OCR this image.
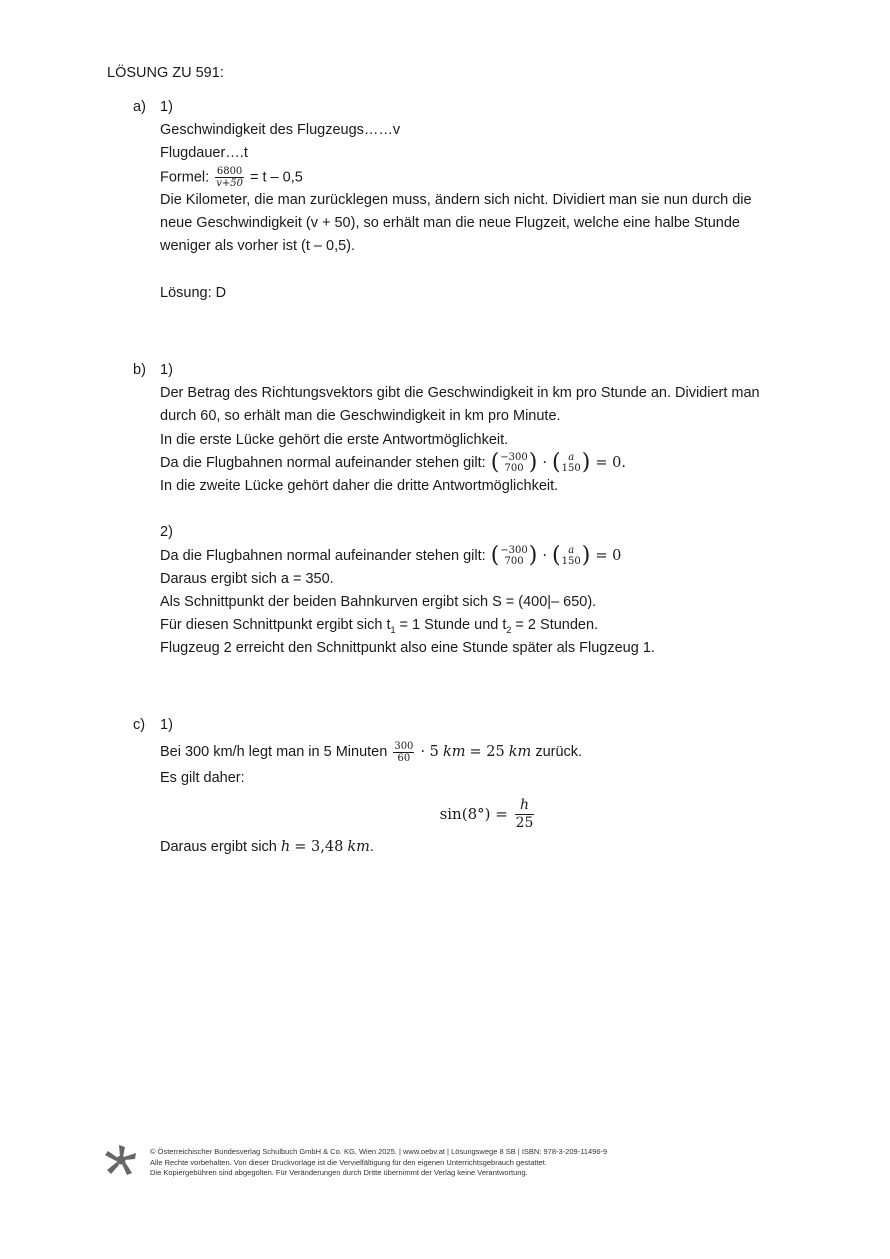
LÖSUNG ZU 591:
a) 1)
Geschwindigkeit des Flugzeugs……v
Flugdauer….t
Formel: $\frac{6800}{v+50} = t - 0,5$
Die Kilometer, die man zurücklegen muss, ändern sich nicht. Dividiert man sie nun durch die
neue Geschwindigkeit (v + 50), so erhält man die neue Flugzeit, welche eine halbe Stunde
weniger als vorher ist (t – 0,5).
Lösung: D
b) 1)
Der Betrag des Richtungsvektors gibt die Geschwindigkeit in km pro Stunde an. Dividiert man
durch 60, so erhält man die Geschwindigkeit in km pro Minute.
In die erste Lücke gehört die erste Antwortmöglichkeit.
Da die Flugbahnen normal aufeinander stehen gilt: ( −300
700 ) · ( a
150 ) = 0.
In die zweite Lücke gehört daher die dritte Antwortmöglichkeit.
2)
Da die Flugbahnen normal aufeinander stehen gilt: ( −300
700 ) · ( a
150 ) = 0
Daraus ergibt sich a = 350.
Als Schnittpunkt der beiden Bahnkurven ergibt sich S = (400|– 650).
Für diesen Schnittpunkt ergibt sich $t_1 = 1$ Stunde und $t_2 = 2$ Stunden.
Flugzeug 2 erreicht den Schnittpunkt also eine Stunde später als Flugzeug 1.
c) 1)
Bei 300 km/h legt man in 5 Minuten $\frac{300}{60} \cdot 5$ km = 25 km zurück.
Es gilt daher:
$\sin(8^\circ) = \frac{h}{25}$
Daraus ergibt sich h = 3,48 km.
© Österreichischer Bundesverlag Schulbuch GmbH & Co. KG, Wien 2025. | www.oebv.at | Lösungswege 8 SB | ISBN: 978-3-209-11496-9
Alle Rechte vorbehalten. Von dieser Druckvorlage ist die Vervielfältigung für den eigenen Unterrichtsgebrauch gestattet.
Die Kopiergebühren sind abgegolten. Für Veränderungen durch Dritte übernimmt der Verlag keine Verantwortung.
